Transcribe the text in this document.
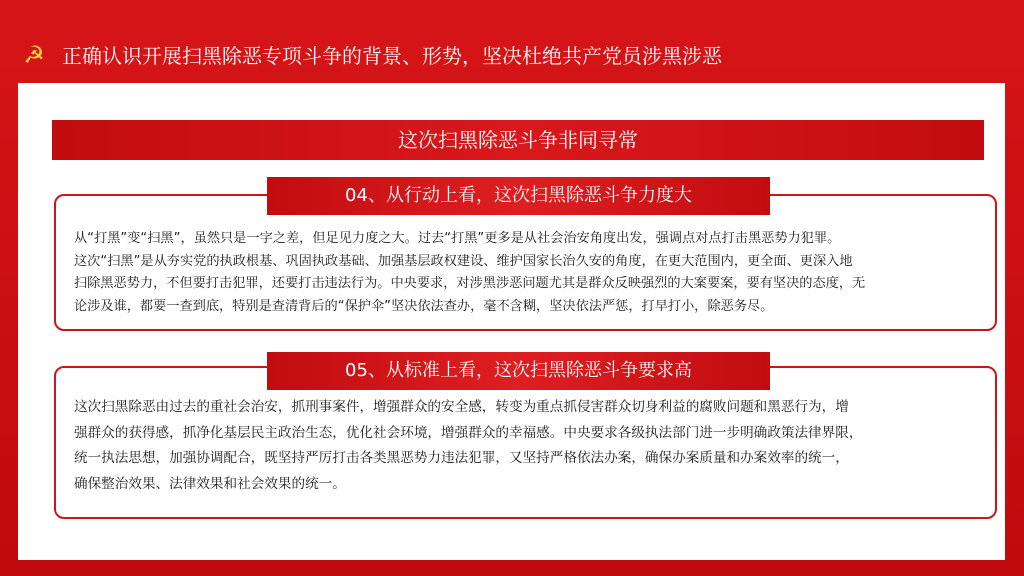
☭ 正确认识开展扫黑除恶专项斗争的背景、形势，坚决杜绝共产党员涉黑涉恶
这次扫黑除恶斗争非同寻常
04、从行动上看，这次扫黑除恶斗争力度大
从“打黑”变“扫黑”，虽然只是一字之差，但足见力度之大。过去“打黑”更多是从社会治安角度出发，强调点对点打击黑恶势力犯罪。
这次“扫黑”是从夯实党的执政根基、巩固执政基础、加强基层政权建设、维护国家长治久安的角度，在更大范围内，更全面、更深入地
扫除黑恶势力，不但要打击犯罪，还要打击违法行为。中央要求，对涉黑涉恶问题尤其是群众反映强烈的大案要案，要有坚决的态度，无
论涉及谁，都要一查到底，特别是查清背后的“保护伞”坚决依法查办，毫不含糊，坚决依法严惩，打早打小，除恶务尽。
05、从标准上看，这次扫黑除恶斗争要求高
这次扫黑除恶由过去的重社会治安，抓刑事案件，增强群众的安全感，转变为重点抓侵害群众切身利益的腐败问题和黑恶行为，增
强群众的获得感，抓净化基层民主政治生态，优化社会环境，增强群众的幸福感。中央要求各级执法部门进一步明确政策法律界限，
统一执法思想，加强协调配合，既坚持严厉打击各类黑恶势力违法犯罪，又坚持严格依法办案，确保办案质量和办案效率的统一，
确保整治效果、法律效果和社会效果的统一。
